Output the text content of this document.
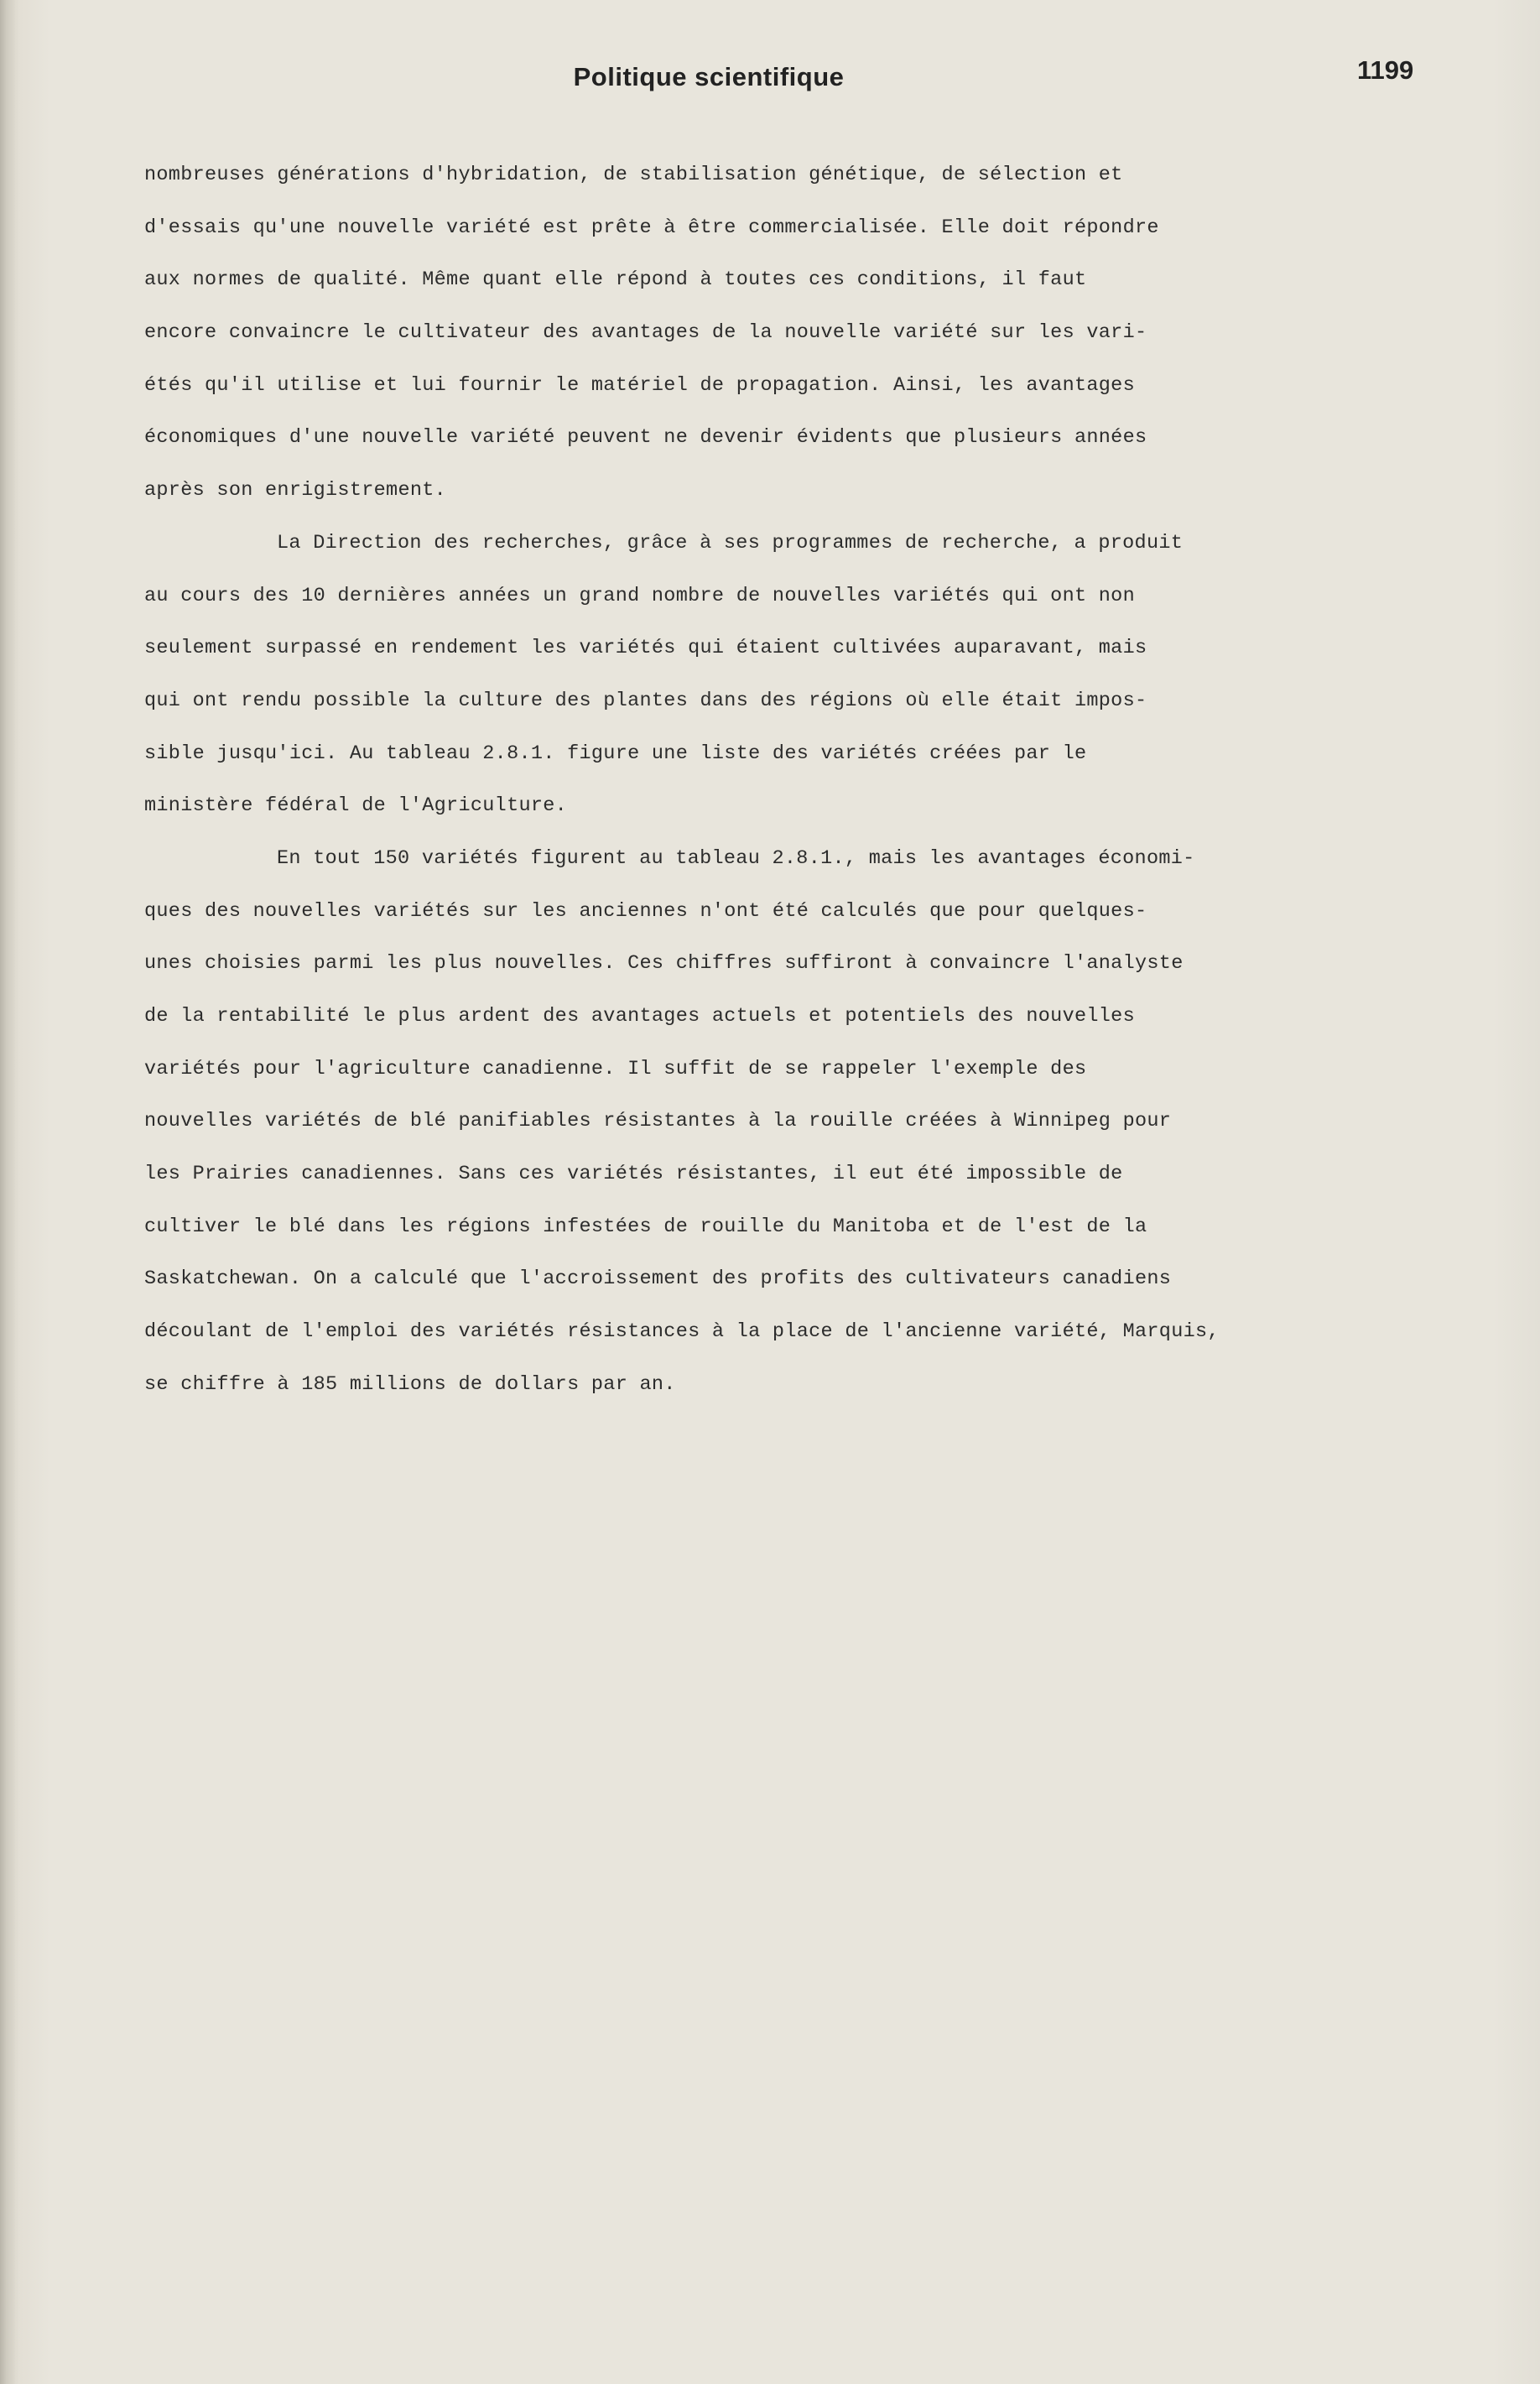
Politique scientifique	1199
nombreuses générations d'hybridation, de stabilisation génétique, de sélection et
d'essais qu'une nouvelle variété est prête à être commercialisée. Elle doit répondre
aux normes de qualité. Même quant elle répond à toutes ces conditions, il faut
encore convaincre le cultivateur des avantages de la nouvelle variété sur les vari-
étés qu'il utilise et lui fournir le matériel de propagation. Ainsi, les avantages
économiques d'une nouvelle variété peuvent ne devenir évidents que plusieurs années
après son enrigistrement.
La Direction des recherches, grâce à ses programmes de recherche, a produit
au cours des 10 dernières années un grand nombre de nouvelles variétés qui ont non
seulement surpassé en rendement les variétés qui étaient cultivées auparavant, mais
qui ont rendu possible la culture des plantes dans des régions où elle était impos-
sible jusqu'ici. Au tableau 2.8.1. figure une liste des variétés créées par le
ministère fédéral de l'Agriculture.
En tout 150 variétés figurent au tableau 2.8.1., mais les avantages économi-
ques des nouvelles variétés sur les anciennes n'ont été calculés que pour quelques-
unes choisies parmi les plus nouvelles. Ces chiffres suffiront à convaincre l'analyste
de la rentabilité le plus ardent des avantages actuels et potentiels des nouvelles
variétés pour l'agriculture canadienne. Il suffit de se rappeler l'exemple des
nouvelles variétés de blé panifiables résistantes à la rouille créées à Winnipeg pour
les Prairies canadiennes. Sans ces variétés résistantes, il eut été impossible de
cultiver le blé dans les régions infestées de rouille du Manitoba et de l'est de la
Saskatchewan. On a calculé que l'accroissement des profits des cultivateurs canadiens
découlant de l'emploi des variétés résistances à la place de l'ancienne variété, Marquis,
se chiffre à 185 millions de dollars par an.
